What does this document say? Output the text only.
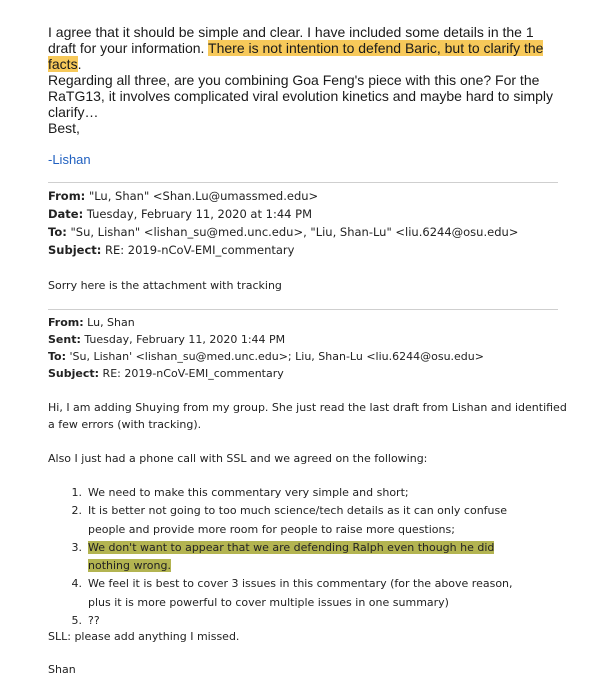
I agree that it should be simple and clear. I have included some details in the 1 draft for your information. There is not intention to defend Baric, but to clarify the facts.
Regarding all three, are you combining Goa Feng's piece with this one? For the RaTG13, it involves complicated viral evolution kinetics and maybe hard to simply clarify…
Best,
-Lishan
From: "Lu, Shan" <Shan.Lu@umassmed.edu>
Date: Tuesday, February 11, 2020 at 1:44 PM
To: "Su, Lishan" <lishan_su@med.unc.edu>, "Liu, Shan-Lu" <liu.6244@osu.edu>
Subject: RE: 2019-nCoV-EMI_commentary
Sorry here is the attachment with tracking
From: Lu, Shan
Sent: Tuesday, February 11, 2020 1:44 PM
To: 'Su, Lishan' <lishan_su@med.unc.edu>; Liu, Shan-Lu <liu.6244@osu.edu>
Subject: RE: 2019-nCoV-EMI_commentary
Hi, I am adding Shuying from my group. She just read the last draft from Lishan and identified a few errors (with tracking).
Also I just had a phone call with SSL and we agreed on the following:
1. We need to make this commentary very simple and short;
2. It is better not going to too much science/tech details as it can only confuse people and provide more room for people to raise more questions;
3. We don't want to appear that we are defending Ralph even though he did nothing wrong.
4. We feel it is best to cover 3 issues in this commentary (for the above reason, plus it is more powerful to cover multiple issues in one summary)
5. ??
SLL: please add anything I missed.
Shan
